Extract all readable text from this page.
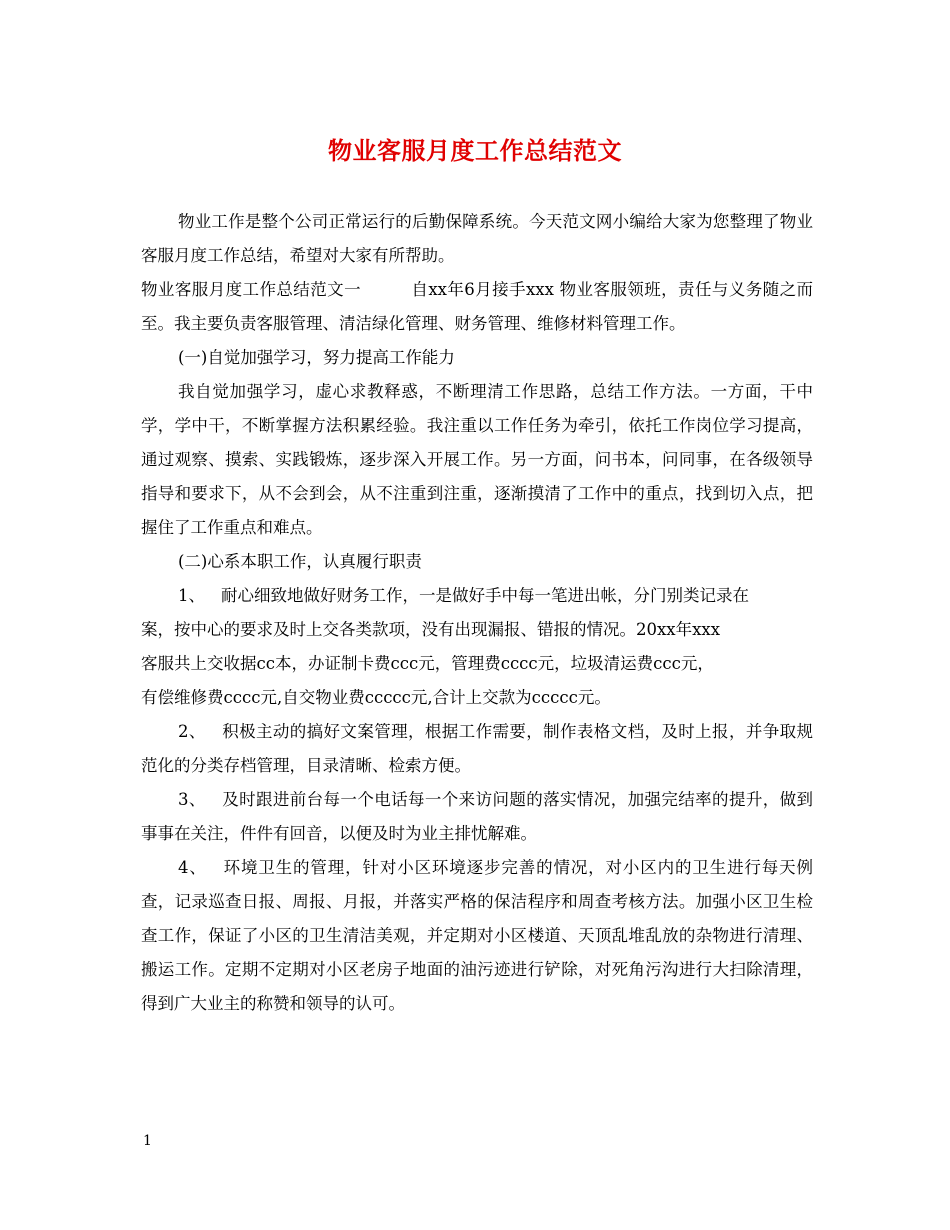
物业客服月度工作总结范文

物业工作是整个公司正常运行的后勤保障系统。今天范文网小编给大家为您整理了物业客服月度工作总结，希望对大家有所帮助。

物业客服月度工作总结范文一	自xx年6月接手xxx 物业客服领班，责任与义务随之而至。我主要负责客服管理、清洁绿化管理、财务管理、维修材料管理工作。

(一)自觉加强学习，努力提高工作能力

我自觉加强学习，虚心求教释惑，不断理清工作思路，总结工作方法。一方面，干中学，学中干，不断掌握方法积累经验。我注重以工作任务为牵引，依托工作岗位学习提高，通过观察、摸索、实践锻炼，逐步深入开展工作。另一方面，问书本，问同事，在各级领导指导和要求下，从不会到会，从不注重到注重，逐渐摸清了工作中的重点，找到切入点，把握住了工作重点和难点。

(二)心系本职工作，认真履行职责

1、 耐心细致地做好财务工作，一是做好手中每一笔进出帐，分门别类记录在
案，按中心的要求及时上交各类款项，没有出现漏报、错报的情况。20xx年xxx
客服共上交收据cc本，办证制卡费ccc元，管理费cccc元，垃圾清运费ccc元，
有偿维修费cccc元,自交物业费ccccc元,合计上交款为ccccc元。

2、 积极主动的搞好文案管理，根据工作需要，制作表格文档，及时上报，并争取规范化的分类存档管理，目录清晰、检索方便。

3、 及时跟进前台每一个电话每一个来访问题的落实情况，加强完结率的提升，做到事事在关注，件件有回音，以便及时为业主排忧解难。

4、 环境卫生的管理，针对小区环境逐步完善的情况，对小区内的卫生进行每天例查，记录巡查日报、周报、月报，并落实严格的保洁程序和周查考核方法。加强小区卫生检查工作，保证了小区的卫生清洁美观，并定期对小区楼道、天顶乱堆乱放的杂物进行清理、搬运工作。定期不定期对小区老房子地面的油污迹进行铲除，对死角污沟进行大扫除清理，得到广大业主的称赞和领导的认可。

1
